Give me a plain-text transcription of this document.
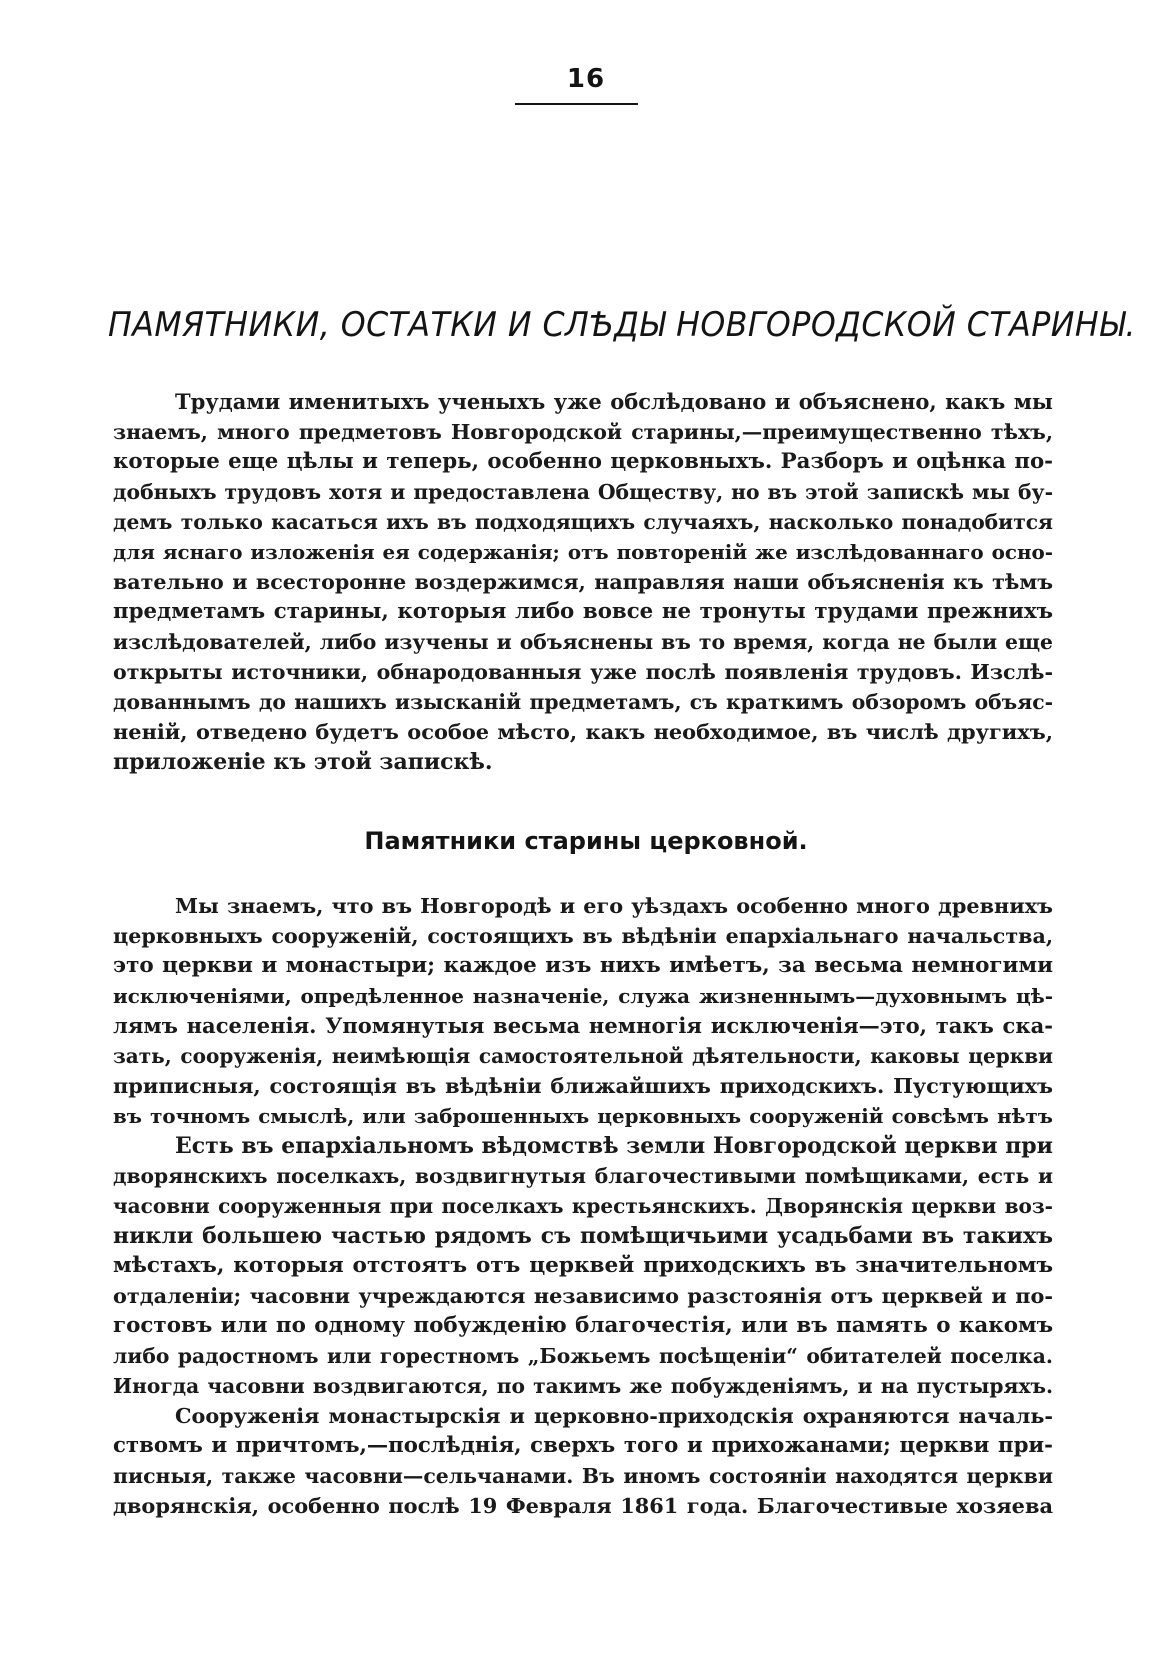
16
ПАМЯТНИКИ, ОСТАТКИ И СЛѢДЫ НОВГОРОДСКОЙ СТАРИНЫ.
Трудами именитыхъ ученыхъ уже обслѣдовано и объяснено, какъ мы
знаемъ, много предметовъ Новгородской старины,—преимущественно тѣхъ,
которые еще цѣлы и теперь, особенно церковныхъ. Разборъ и оцѣнка по-
добныхъ трудовъ хотя и предоставлена Обществу, но въ этой запискѣ мы бу-
демъ только касаться ихъ въ подходящихъ случаяхъ, насколько понадобится
для яснаго изложенія ея содержанія; отъ повтореній же изслѣдованнаго осно-
вательно и всесторонне воздержимся, направляя наши объясненія къ тѣмъ
предметамъ старины, которыя либо вовсе не тронуты трудами прежнихъ
изслѣдователей, либо изучены и объяснены въ то время, когда не были еще
открыты источники, обнародованныя уже послѣ появленія трудовъ. Изслѣ-
дованнымъ до нашихъ изысканій предметамъ, съ краткимъ обзоромъ объяс-
неній, отведено будетъ особое мѣсто, какъ необходимое, въ числѣ другихъ,
приложеніе къ этой запискѣ.
Памятники старины церковной.
Мы знаемъ, что въ Новгородѣ и его уѣздахъ особенно много древнихъ
церковныхъ сооруженій, состоящихъ въ вѣдѣніи епархіальнаго начальства,
это церкви и монастыри; каждое изъ нихъ имѣетъ, за весьма немногими
исключеніями, опредѣленное назначеніе, служа жизненнымъ—духовнымъ цѣ-
лямъ населенія. Упомянутыя весьма немногія исключенія—это, такъ ска-
зать, сооруженія, неимѣющія самостоятельной дѣятельности, каковы церкви
приписныя, состоящія въ вѣдѣніи ближайшихъ приходскихъ. Пустующихъ
въ точномъ смыслѣ, или заброшенныхъ церковныхъ сооруженій совсѣмъ нѣтъ
Есть въ епархіальномъ вѣдомствѣ земли Новгородской церкви при
дворянскихъ поселкахъ, воздвигнутыя благочестивыми помѣщиками, есть и
часовни сооруженныя при поселкахъ крестьянскихъ. Дворянскія церкви воз-
никли большею частью рядомъ съ помѣщичьими усадьбами въ такихъ
мѣстахъ, которыя отстоятъ отъ церквей приходскихъ въ значительномъ
отдаленіи; часовни учреждаются независимо разстоянія отъ церквей и по-
гостовъ или по одному побужденію благочестія, или въ память о какомъ
либо радостномъ или горестномъ „Божьемъ посѣщеніи“ обитателей поселка.
Иногда часовни воздвигаются, по такимъ же побужденіямъ, и на пустыряхъ.
Сооруженія монастырскія и церковно-приходскія охраняются началь-
ствомъ и причтомъ,—послѣднія, сверхъ того и прихожанами; церкви при-
писныя, также часовни—сельчанами. Въ иномъ состояніи находятся церкви
дворянскія, особенно послѣ 19 Февраля 1861 года. Благочестивые хозяева
